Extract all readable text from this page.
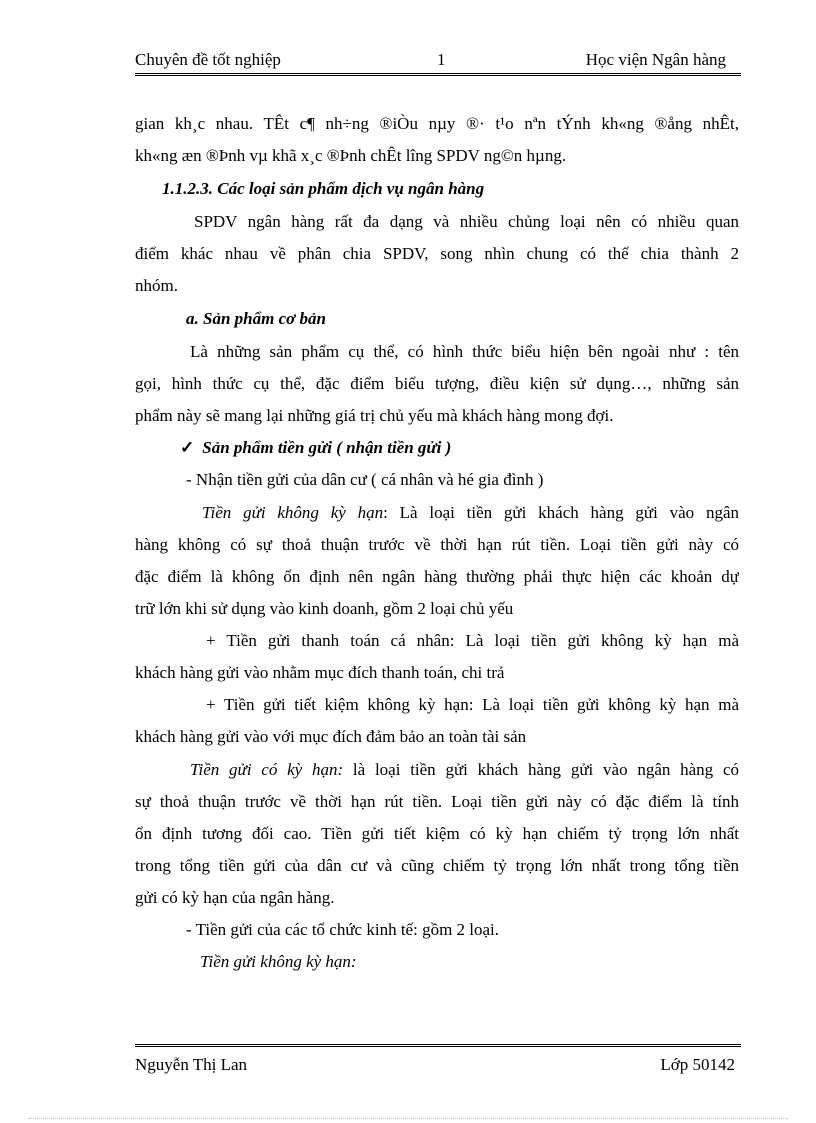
Chuyên đề tốt nghiệp	1	Học viện Ngân hàng
gian kh¸c nhau. TÊt c¶ nh÷ng ®iÒu nµy ®· t¹o nªn tÝnh kh«ng ®ång nhÊt,
kh«ng æn ®Þnh vµ khã x¸c ®Þnh chÊt lîng SPDV ng©n hµng.
1.1.2.3. Các loại sản phẩm dịch vụ ngân hàng
SPDV ngân hàng rất đa dạng và nhiều chủng loại nên có nhiều quan
điểm khác nhau về phân chia SPDV, song nhìn chung có thể chia thành 2
nhóm.
a. Sản phẩm cơ bản
Là những sản phẩm cụ thể, có hình thức biểu hiện bên ngoài như : tên
gọi, hình thức cụ thể, đặc điểm biểu tượng, điều kiện sử dụng…, những sản
phẩm này sẽ mang lại những giá trị chủ yếu mà khách hàng mong đợi.
✓ Sản phẩm tiền gửi ( nhận tiền gửi )
- Nhận tiền gửi của dân cư ( cá nhân và hé gia đình )
Tiền gửi không kỳ hạn: Là loại tiền gửi khách hàng gửi vào ngân
hàng không có sự thoả thuận trước về thời hạn rút tiền. Loại tiền gửi này có
đặc điểm là không ổn định nên ngân hàng thường phải thực hiện các khoản dự
trữ lớn khi sử dụng vào kinh doanh, gồm 2 loại chủ yếu
+ Tiền gửi thanh toán cá nhân: Là loại tiền gửi không kỳ hạn mà
khách hàng gửi vào nhằm mục đích thanh toán, chi trả
+ Tiền gửi tiết kiệm không kỳ hạn: Là loại tiền gửi không kỳ hạn mà
khách hàng gửi vào với mục đích đảm bảo an toàn tài sản
Tiền gửi có kỳ hạn: là loại tiền gửi khách hàng gửi vào ngân hàng có
sự thoả thuận trước về thời hạn rút tiền. Loại tiền gửi này có đặc điểm là tính
ổn định tương đối cao. Tiền gửi tiết kiệm có kỳ hạn chiếm tỷ trọng lớn nhất
trong tổng tiền gửi của dân cư và cũng chiếm tỷ trọng lớn nhất trong tổng tiền
gửi có kỳ hạn của ngân hàng.
- Tiền gửi của các tổ chức kinh tế: gồm 2 loại.
Tiền gửi không kỳ hạn:
Nguyễn Thị Lan	Lớp 50142
